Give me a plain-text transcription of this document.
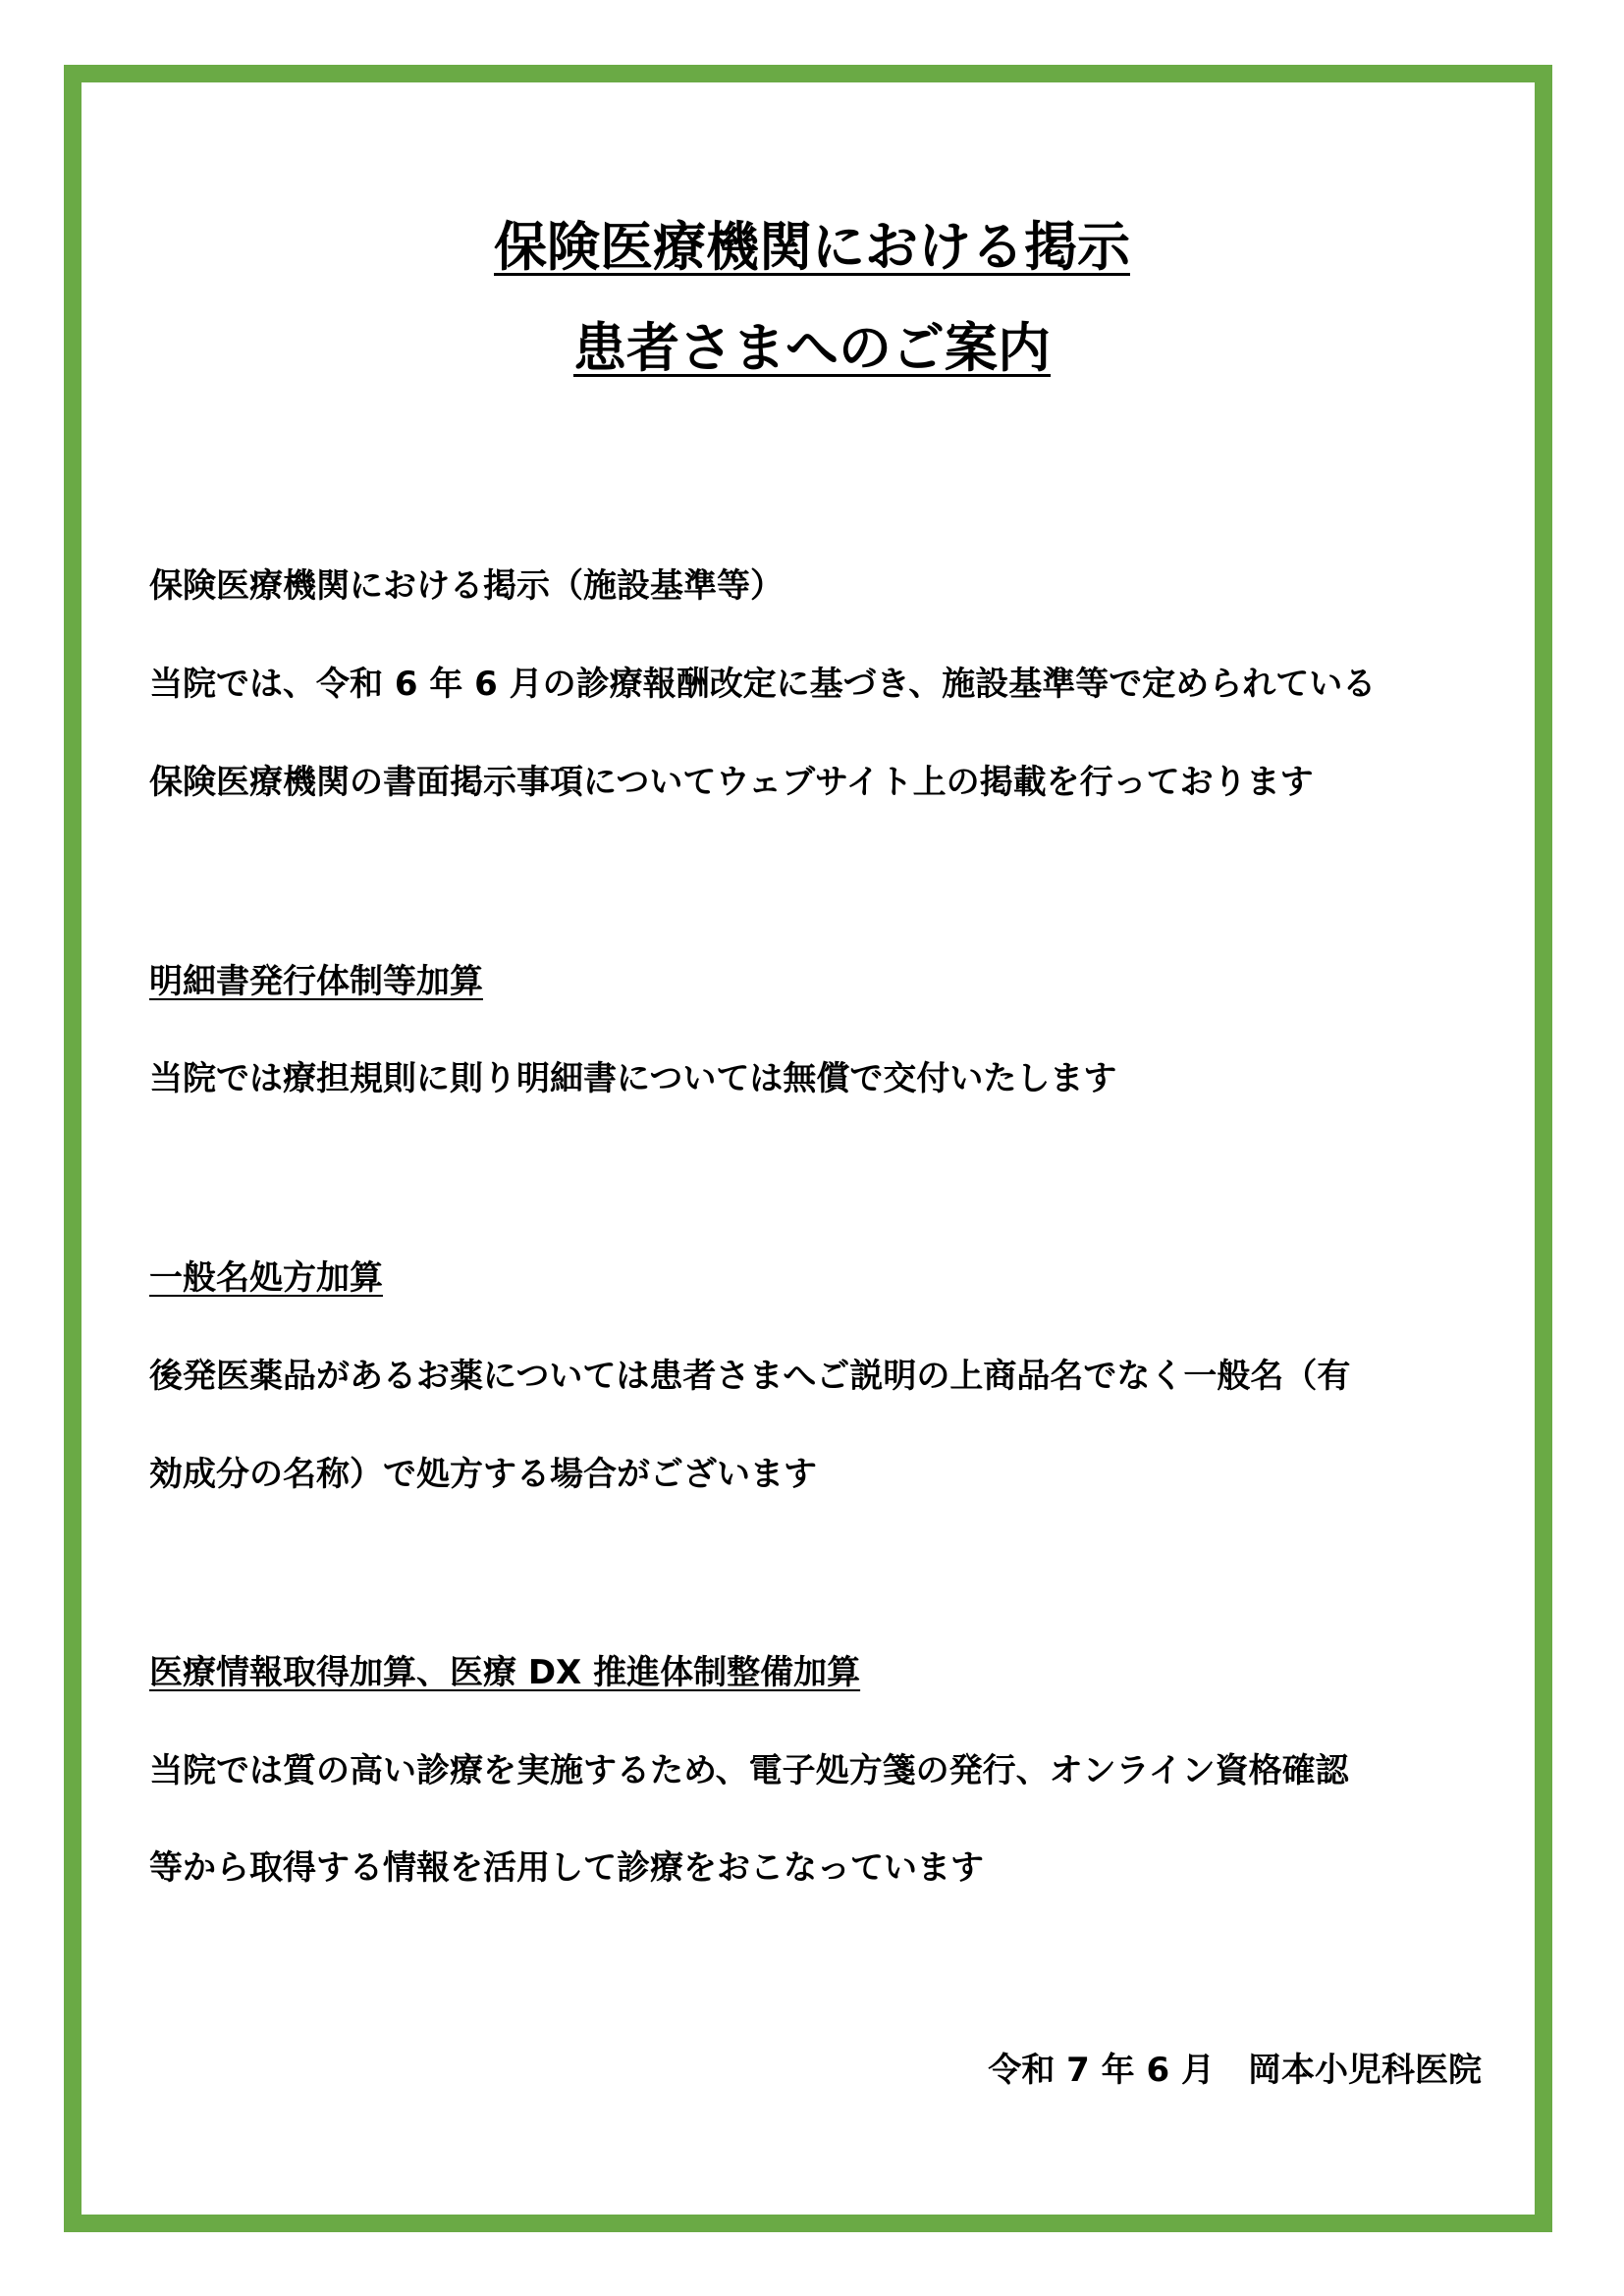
保険医療機関における掲示
患者さまへのご案内

保険医療機関における掲示（施設基準等）

当院では、令和 6 年 6 月の診療報酬改定に基づき、施設基準等で定められている

保険医療機関の書面掲示事項についてウェブサイト上の掲載を行っております

明細書発行体制等加算

当院では療担規則に則り明細書については無償で交付いたします

一般名処方加算

後発医薬品があるお薬については患者さまへご説明の上商品名でなく一般名（有

効成分の名称）で処方する場合がございます

医療情報取得加算、医療 DX 推進体制整備加算

当院では質の高い診療を実施するため、電子処方箋の発行、オンライン資格確認

等から取得する情報を活用して診療をおこなっています

令和 7 年 6 月　岡本小児科医院
